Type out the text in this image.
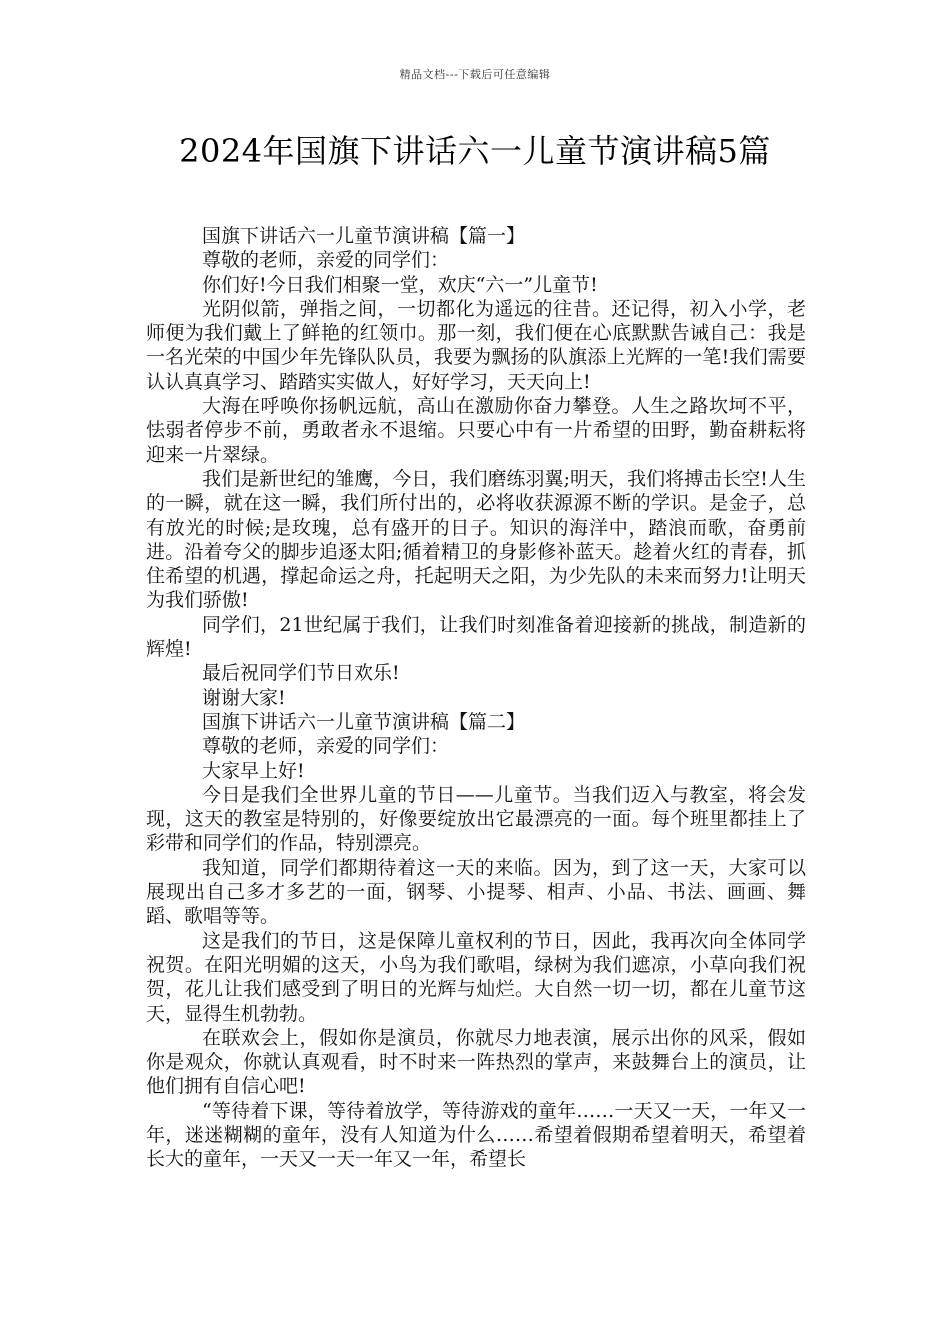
精品文档---下载后可任意编辑
2024年国旗下讲话六一儿童节演讲稿5篇

国旗下讲话六一儿童节演讲稿【篇一】

尊敬的老师，亲爱的同学们：

你们好!今日我们相聚一堂，欢庆“六一”儿童节!

光阴似箭，弹指之间，一切都化为遥远的往昔。还记得，初入小学，老师便为我们戴上了鲜艳的红领巾。那一刻，我们便在心底默默告诫自己：我是一名光荣的中国少年先锋队队员，我要为飘扬的队旗添上光辉的一笔!我们需要认认真真学习、踏踏实实做人，好好学习，天天向上!

大海在呼唤你扬帆远航，高山在激励你奋力攀登。人生之路坎坷不平，怯弱者停步不前，勇敢者永不退缩。只要心中有一片希望的田野，勤奋耕耘将迎来一片翠绿。

我们是新世纪的雏鹰，今日，我们磨练羽翼;明天，我们将搏击长空!人生的一瞬，就在这一瞬，我们所付出的，必将收获源源不断的学识。是金子，总有放光的时候;是玫瑰，总有盛开的日子。知识的海洋中，踏浪而歌，奋勇前进。沿着夸父的脚步追逐太阳;循着精卫的身影修补蓝天。趁着火红的青春，抓住希望的机遇，撑起命运之舟，托起明天之阳，为少先队的未来而努力!让明天为我们骄傲!

同学们，21世纪属于我们，让我们时刻准备着迎接新的挑战，制造新的辉煌!

最后祝同学们节日欢乐!

谢谢大家!

国旗下讲话六一儿童节演讲稿【篇二】

尊敬的老师，亲爱的同学们：

大家早上好!

今日是我们全世界儿童的节日——儿童节。当我们迈入与教室，将会发现，这天的教室是特别的，好像要绽放出它最漂亮的一面。每个班里都挂上了彩带和同学们的作品，特别漂亮。

我知道，同学们都期待着这一天的来临。因为，到了这一天，大家可以展现出自己多才多艺的一面，钢琴、小提琴、相声、小品、书法、画画、舞蹈、歌唱等等。

这是我们的节日，这是保障儿童权利的节日，因此，我再次向全体同学祝贺。在阳光明媚的这天，小鸟为我们歌唱，绿树为我们遮凉，小草向我们祝贺，花儿让我们感受到了明日的光辉与灿烂。大自然一切一切，都在儿童节这天，显得生机勃勃。

在联欢会上，假如你是演员，你就尽力地表演，展示出你的风采，假如你是观众，你就认真观看，时不时来一阵热烈的掌声，来鼓舞台上的演员，让他们拥有自信心吧!

“等待着下课，等待着放学，等待游戏的童年……一天又一天，一年又一年，迷迷糊糊的童年，没有人知道为什么……希望着假期希望着明天，希望着长大的童年，一天又一天一年又一年，希望长
